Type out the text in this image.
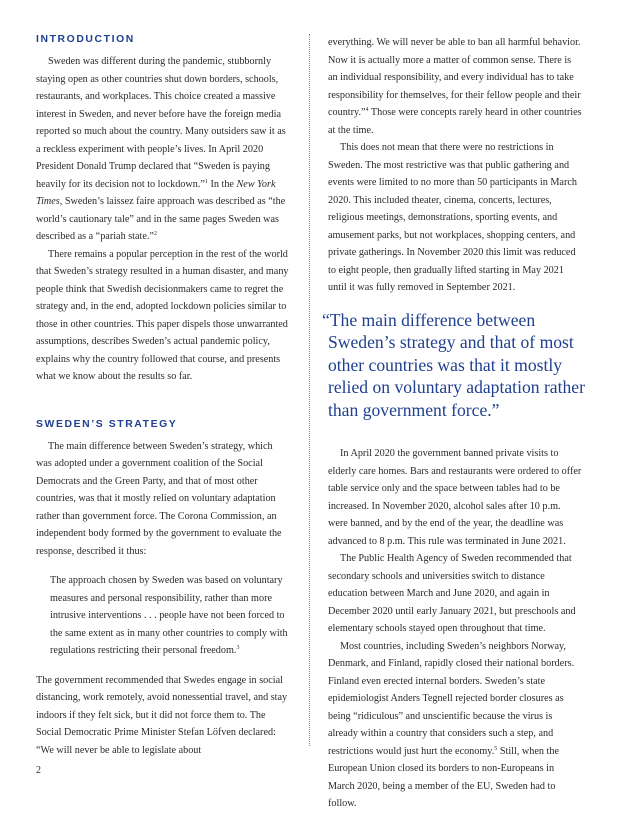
INTRODUCTION

Sweden was different during the pandemic, stubbornly staying open as other countries shut down borders, schools, restaurants, and workplaces. This choice created a massive interest in Sweden, and never before have the foreign media reported so much about the country. Many outsiders saw it as a reckless experiment with people’s lives. In April 2020 President Donald Trump declared that “Sweden is paying heavily for its decision not to lockdown.”$^1$ In the New York Times, Sweden’s laissez faire approach was described as “the world’s cautionary tale” and in the same pages Sweden was described as a “pariah state.”$^2$

There remains a popular perception in the rest of the world that Sweden’s strategy resulted in a human disaster, and many people think that Swedish decisionmakers came to regret the strategy and, in the end, adopted lockdown policies similar to those in other countries. This paper dispels those unwarranted assumptions, describes Sweden’s actual pandemic policy, explains why the country followed that course, and presents what we know about the results so far.

SWEDEN’S STRATEGY

The main difference between Sweden’s strategy, which was adopted under a government coalition of the Social Democrats and the Green Party, and that of most other countries, was that it mostly relied on voluntary adaptation rather than government force. The Corona Commission, an independent body formed by the government to evaluate the response, described it thus:

The approach chosen by Sweden was based on voluntary measures and personal responsibility, rather than more intrusive interventions . . . people have not been forced to the same extent as in many other countries to comply with regulations restricting their personal freedom.$^3$

The government recommended that Swedes engage in social distancing, work remotely, avoid nonessential travel, and stay indoors if they felt sick, but it did not force them to. The Social Democratic Prime Minister Stefan Löfven declared: “We will never be able to legislate about

everything. We will never be able to ban all harmful behavior. Now it is actually more a matter of common sense. There is an individual responsibility, and every individual has to take responsibility for themselves, for their fellow people and their country.”$^4$ Those were concepts rarely heard in other countries at the time.

This does not mean that there were no restrictions in Sweden. The most restrictive was that public gathering and events were limited to no more than 50 participants in March 2020. This included theater, cinema, concerts, lectures, religious meetings, demonstrations, sporting events, and amusement parks, but not workplaces, shopping centers, and private gatherings. In November 2020 this limit was reduced to eight people, then gradually lifted starting in May 2021 until it was fully removed in September 2021.

“The main difference between Sweden’s strategy and that of most other countries was that it mostly relied on voluntary adaptation rather than government force.”

In April 2020 the government banned private visits to elderly care homes. Bars and restaurants were ordered to offer table service only and the space between tables had to be increased. In November 2020, alcohol sales after 10 p.m. were banned, and by the end of the year, the deadline was advanced to 8 p.m. This rule was terminated in June 2021.

The Public Health Agency of Sweden recommended that secondary schools and universities switch to distance education between March and June 2020, and again in December 2020 until early January 2021, but preschools and elementary schools stayed open throughout that time.

Most countries, including Sweden’s neighbors Norway, Denmark, and Finland, rapidly closed their national borders. Finland even erected internal borders. Sweden’s state epidemiologist Anders Tegnell rejected border closures as being “ridiculous” and unscientific because the virus is already within a country that considers such a step, and restrictions would just hurt the economy.$^5$ Still, when the European Union closed its borders to non-Europeans in March 2020, being a member of the EU, Sweden had to follow.

2
